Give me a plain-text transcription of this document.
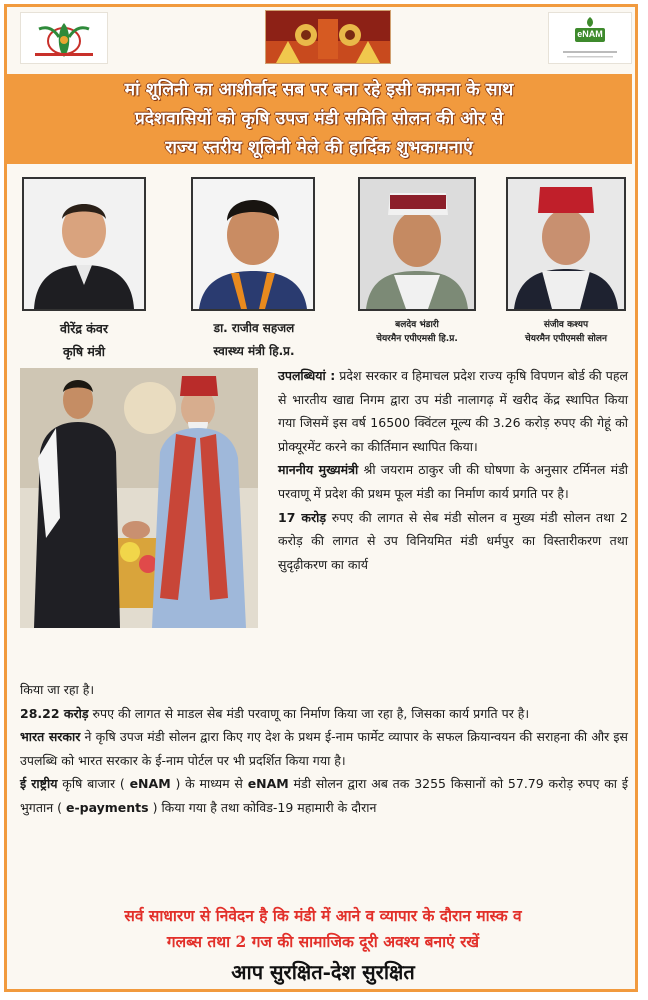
eNAM
मां शूलिनी का आशीर्वाद सब पर बना रहे इसी कामना के साथ
प्रदेशवासियों को कृषि उपज मंडी समिति सोलन की ओर से
राज्य स्तरीय शूलिनी मेले की हार्दिक शुभकामनाएं
वीरेंद्र कंवर
कृषि मंत्री
डा. राजीव सहजल
स्वास्थ्य मंत्री हि.प्र.
बलदेव भंडारी
चेयरमैन एपीएमसी हि.प्र.
संजीव कश्यप
चेयरमैन एपीएमसी सोलन

उपलब्धियां : प्रदेश सरकार व हिमाचल प्रदेश राज्य कृषि विपणन बोर्ड की पहल से भारतीय खाद्य निगम द्वारा उप मंडी नालागढ़ में खरीद केंद्र स्थापित किया गया जिसमें इस वर्ष 16500 क्विंटल मूल्य की 3.26 करोड़ रुपए की गेहूं को प्रोक्यूरमेंट करने का कीर्तिमान स्थापित किया।

माननीय मुख्यमंत्री श्री जयराम ठाकुर जी की घोषणा के अनुसार टर्मिनल मंडी परवाणू में प्रदेश की प्रथम फूल मंडी का निर्माण कार्य प्रगति पर है।

17 करोड़ रुपए की लागत से सेब मंडी सोलन व मुख्य मंडी सोलन तथा 2 करोड़ की लागत से उप विनियमित मंडी धर्मपुर का विस्तारीकरण तथा सुदृढ़ीकरण का कार्य

किया जा रहा है।

28.22 करोड़ रुपए की लागत से माडल सेब मंडी परवाणू का निर्माण किया जा रहा है, जिसका कार्य प्रगति पर है।

भारत सरकार ने कृषि उपज मंडी सोलन द्वारा किए गए देश के प्रथम ई-नाम फार्मेट व्यापार के सफल क्रियान्वयन की सराहना की और इस उपलब्धि को भारत सरकार के ई-नाम पोर्टल पर भी प्रदर्शित किया गया है।

ई राष्ट्रीय कृषि बाजार ( eNAM ) के माध्यम से eNAM मंडी सोलन द्वारा अब तक 3255 किसानों को 57.79 करोड़ रुपए का ई भुगतान ( e-payments ) किया गया है तथा कोविड-19 महामारी के दौरान

सर्व साधारण से निवेदन है कि मंडी में आने व व्यापार के दौरान मास्क व
गलब्स तथा 2 गज की सामाजिक दूरी अवश्य बनाएं रखें
आप सुरक्षित-देश सुरक्षित
